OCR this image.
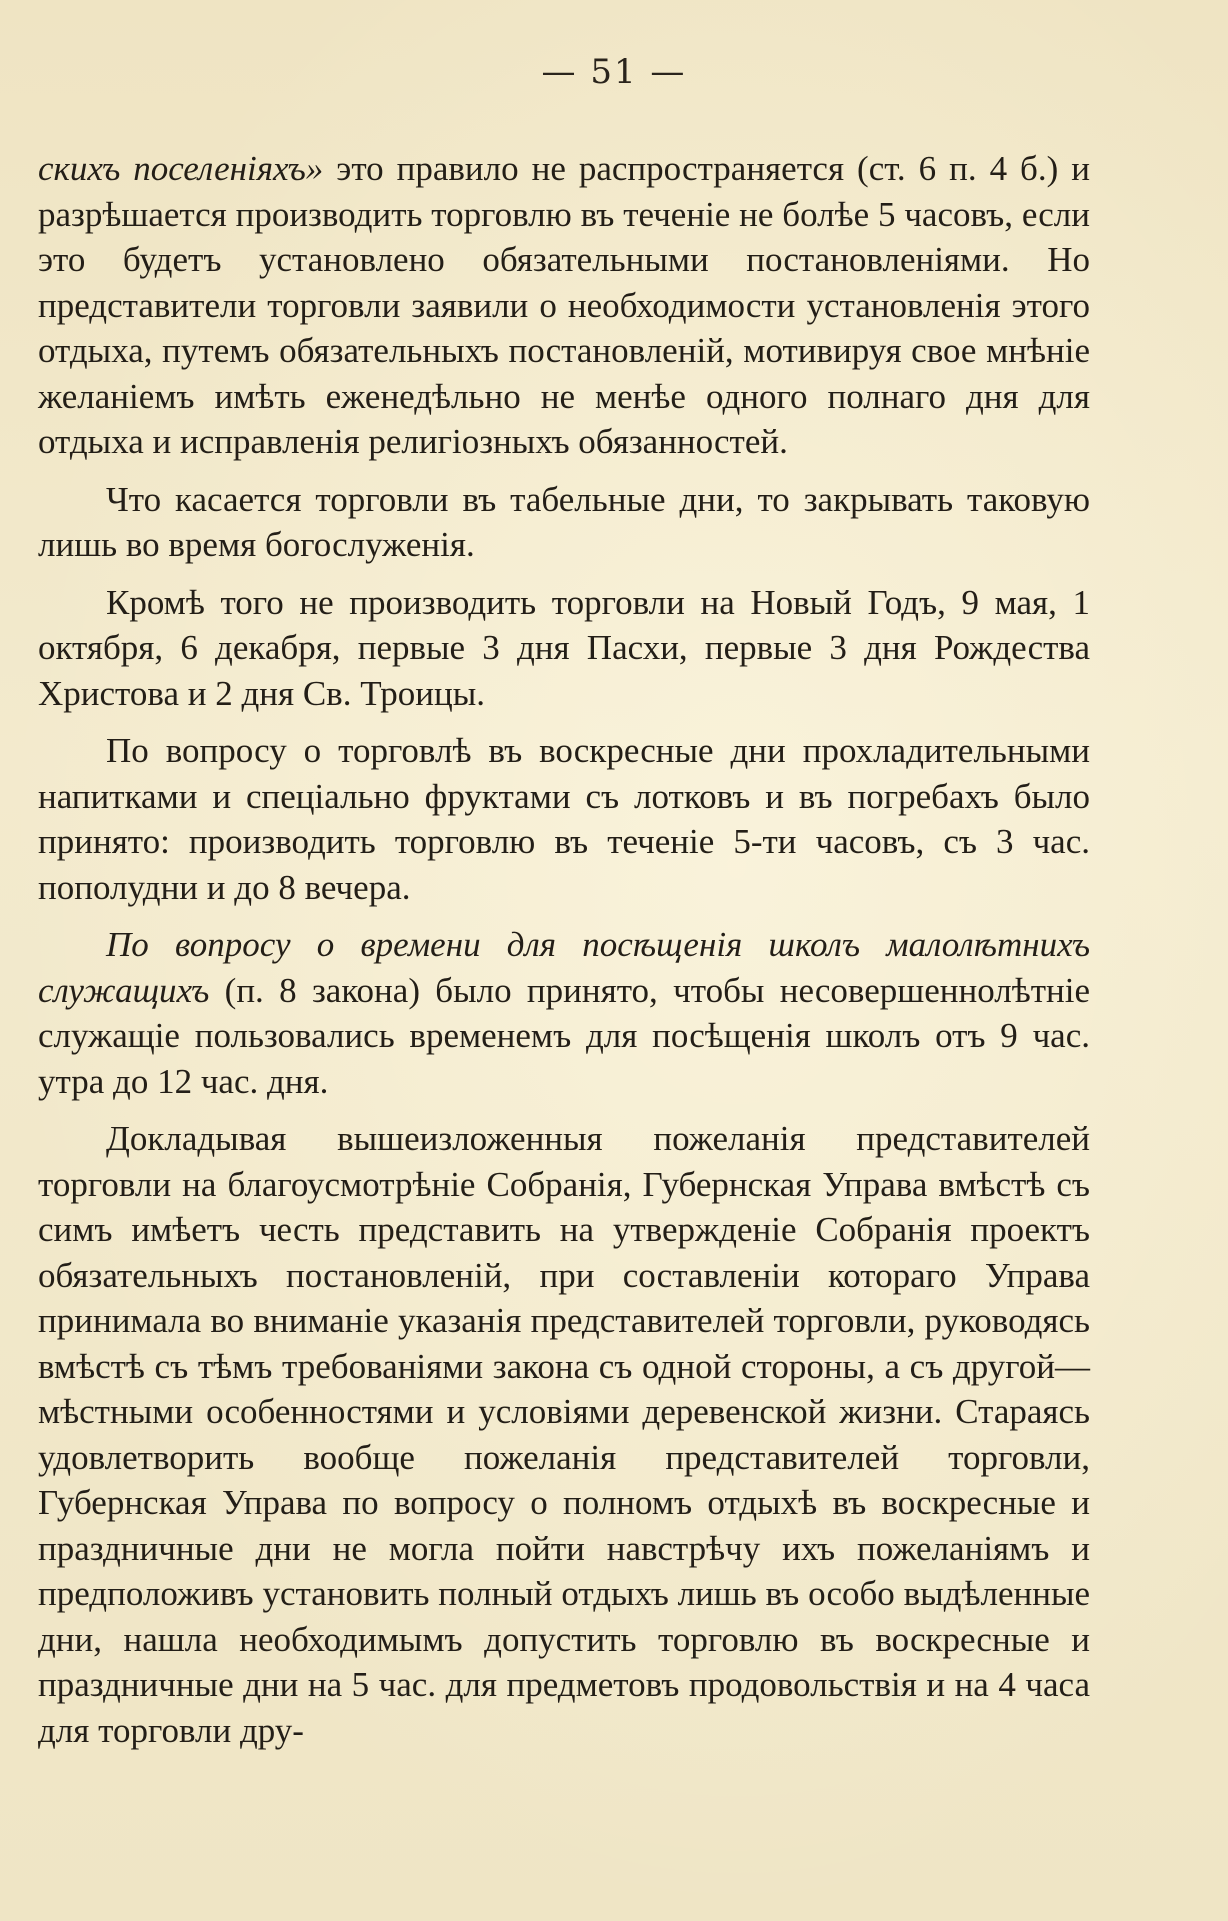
— 51 —

скихъ поселеніяхъ» это правило не распространяется (ст. 6 п. 4 б.) и разрѣшается производить торговлю въ теченіе не болѣе 5 часовъ, если это будетъ установлено обязательными постановленіями. Но представители торговли заявили о необходимости установленія этого отдыха, путемъ обязательныхъ постановленій, мотивируя свое мнѣніе желаніемъ имѣть еженедѣльно не менѣе одного полнаго дня для отдыха и исправленія религіозныхъ обязанностей.

Что касается торговли въ табельные дни, то закрывать таковую лишь во время богослуженія.

Кромѣ того не производить торговли на Новый Годъ, 9 мая, 1 октября, 6 декабря, первые 3 дня Пасхи, первые 3 дня Рождества Христова и 2 дня Св. Троицы.

По вопросу о торговлѣ въ воскресные дни прохладительными напитками и спеціально фруктами съ лотковъ и въ погребахъ было принято: производить торговлю въ теченіе 5-ти часовъ, съ 3 час. пополудни и до 8 вечера.

По вопросу о времени для посѣщенія школъ малолѣтнихъ служащихъ (п. 8 закона) было принято, чтобы несовершеннолѣтніе служащіе пользовались временемъ для посѣщенія школъ отъ 9 час. утра до 12 час. дня.

Докладывая вышеизложенныя пожеланія представителей торговли на благоусмотрѣніе Собранія, Губернская Управа вмѣстѣ съ симъ имѣетъ честь представить на утвержденіе Собранія проектъ обязательныхъ постановленій, при составленіи котораго Управа принимала во вниманіе указанія представителей торговли, руководясь вмѣстѣ съ тѣмъ требованіями закона съ одной стороны, а съ другой—мѣстными особенностями и условіями деревенской жизни. Стараясь удовлетворить вообще пожеланія представителей торговли, Губернская Управа по вопросу о полномъ отдыхѣ въ воскресные и праздничные дни не могла пойти навстрѣчу ихъ пожеланіямъ и предположивъ установить полный отдыхъ лишь въ особо выдѣленные дни, нашла необходимымъ допустить торговлю въ воскресные и праздничные дни на 5 час. для предметовъ продовольствія и на 4 часа для торговли дру-
